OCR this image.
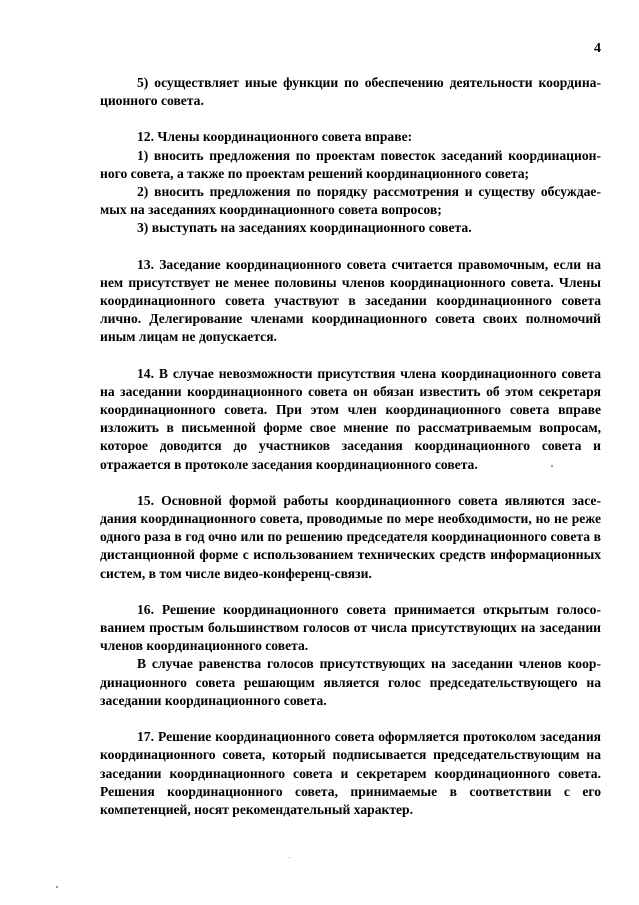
4

5) осуществляет иные функции по обеспечению деятельности координационного совета.

12. Члены координационного совета вправе:

1) вносить предложения по проектам повесток заседаний координационного совета, а также по проектам решений координационного совета;

2) вносить предложения по порядку рассмотрения и существу обсуждаемых на заседаниях координационного совета вопросов;

3) выступать на заседаниях координационного совета.

13. Заседание координационного совета считается правомочным, если на нем присутствует не менее половины членов координационного совета. Члены координационного совета участвуют в заседании координационного совета лично. Делегирование членами координационного совета своих полномочий иным лицам не допускается.

14. В случае невозможности присутствия члена координационного совета на заседании координационного совета он обязан известить об этом секретаря координационного совета. При этом член координационного совета вправе изложить в письменной форме свое мнение по рассматриваемым вопросам, которое доводится до участников заседания координационного совета и отражается в протоколе заседания координационного совета.

15. Основной формой работы координационного совета являются заседания координационного совета, проводимые по мере необходимости, но не реже одного раза в год очно или по решению председателя координационного совета в дистанционной форме с использованием технических средств информационных систем, в том числе видео-конференц-связи.

16. Решение координационного совета принимается открытым голосованием простым большинством голосов от числа присутствующих на заседании членов координационного совета.

В случае равенства голосов присутствующих на заседании членов координационного совета решающим является голос председательствующего на заседании координационного совета.

17. Решение координационного совета оформляется протоколом заседания координационного совета, который подписывается председательствующим на заседании координационного совета и секретарем координационного совета. Решения координационного совета, принимаемые в соответствии с его компетенцией, носят рекомендательный характер.
